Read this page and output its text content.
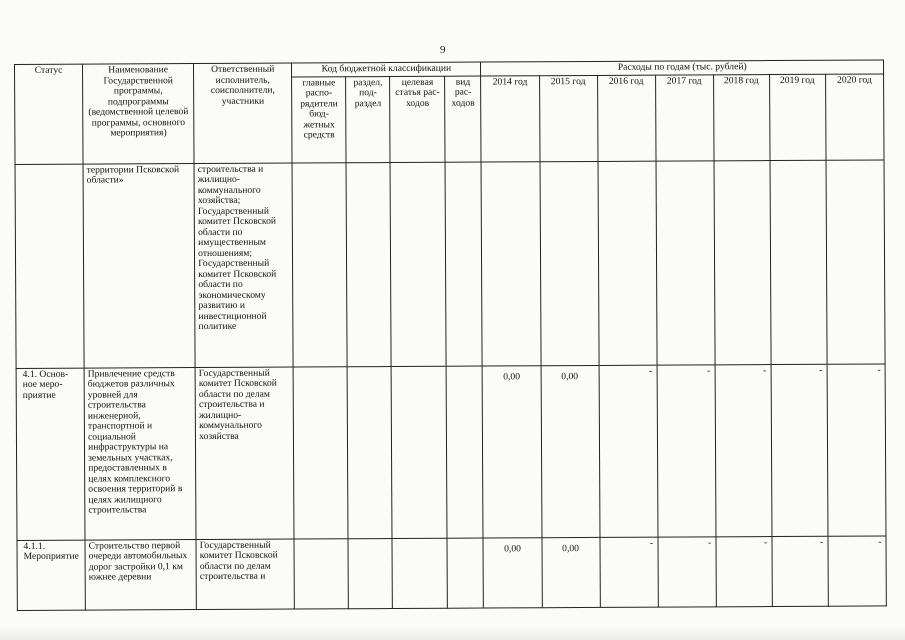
9
Статус	Наименование Государственной программы, подпрограммы (ведомственной целевой программы, основного мероприятия)	Ответственный исполнитель, соисполнители, участники	Код бюджетной классификации				Расходы по годам (тыс. рублей)						
			главные распо-рядители бюд-жетных средств	раздел, под-раздел	целевая статья рас-ходов	вид рас-ходов	2014 год	2015 год	2016 год	2017 год	2018 год	2019 год	2020 год
	территории Псковской области»	строительства и жилищно-коммунального хозяйства; Государственный комитет Псковской области по имущественным отношениям; Государственный комитет Псковской области по экономическому развитию и инвестиционной политике											
4.1. Основ-ное меро-приятие	Привлечение средств бюджетов различных уровней для строительства инженерной, транспортной и социальной инфраструктуры на земельных участках, предоставленных в целях комплексного освоения территорий в целях жилищного строительства	Государственный комитет Псковской области по делам строительства и жилищно-коммунального хозяйства					0,00	0,00	-	-	-	-	-
4.1.1. Мероприятие	Строительство первой очереди автомобильных дорог застройки 0,1 км южнее деревни	Государственный комитет Псковской области по делам строительства и					0,00	0,00	-	-	-	-	-
